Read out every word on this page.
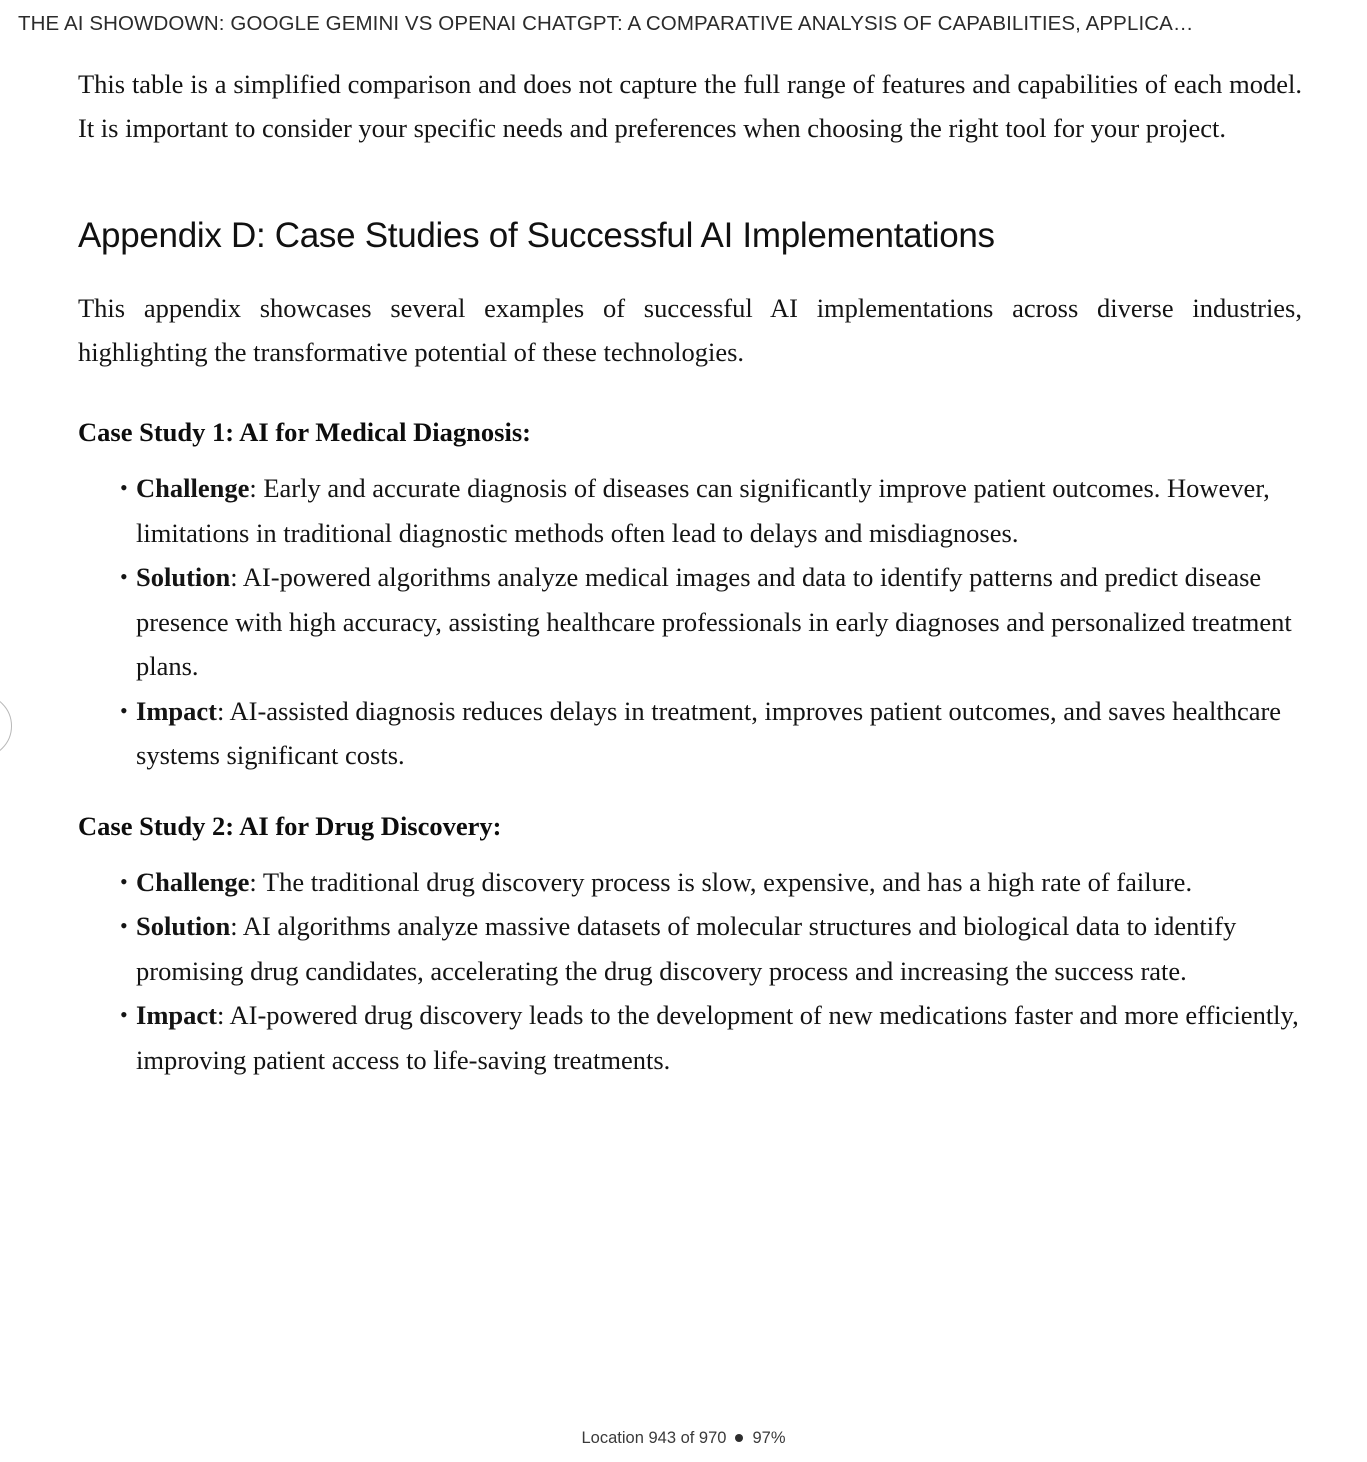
THE AI SHOWDOWN: GOOGLE GEMINI VS OPENAI CHATGPT: A COMPARATIVE ANALYSIS OF CAPABILITIES, APPLICA…

This table is a simplified comparison and does not capture the full range of features and capabilities of each model. It is important to consider your specific needs and preferences when choosing the right tool for your project.

Appendix D: Case Studies of Successful AI Implementations

This appendix showcases several examples of successful AI implementations across diverse industries, highlighting the transformative potential of these technologies.

Case Study 1: AI for Medical Diagnosis:
• Challenge: Early and accurate diagnosis of diseases can significantly improve patient outcomes. However, limitations in traditional diagnostic methods often lead to delays and misdiagnoses.
• Solution: AI-powered algorithms analyze medical images and data to identify patterns and predict disease presence with high accuracy, assisting healthcare professionals in early diagnoses and personalized treatment plans.
• Impact: AI-assisted diagnosis reduces delays in treatment, improves patient outcomes, and saves healthcare systems significant costs.
Case Study 2: AI for Drug Discovery:
• Challenge: The traditional drug discovery process is slow, expensive, and has a high rate of failure.
• Solution: AI algorithms analyze massive datasets of molecular structures and biological data to identify promising drug candidates, accelerating the drug discovery process and increasing the success rate.
• Impact: AI-powered drug discovery leads to the development of new medications faster and more efficiently, improving patient access to life-saving treatments.
Location 943 of 970 97%
